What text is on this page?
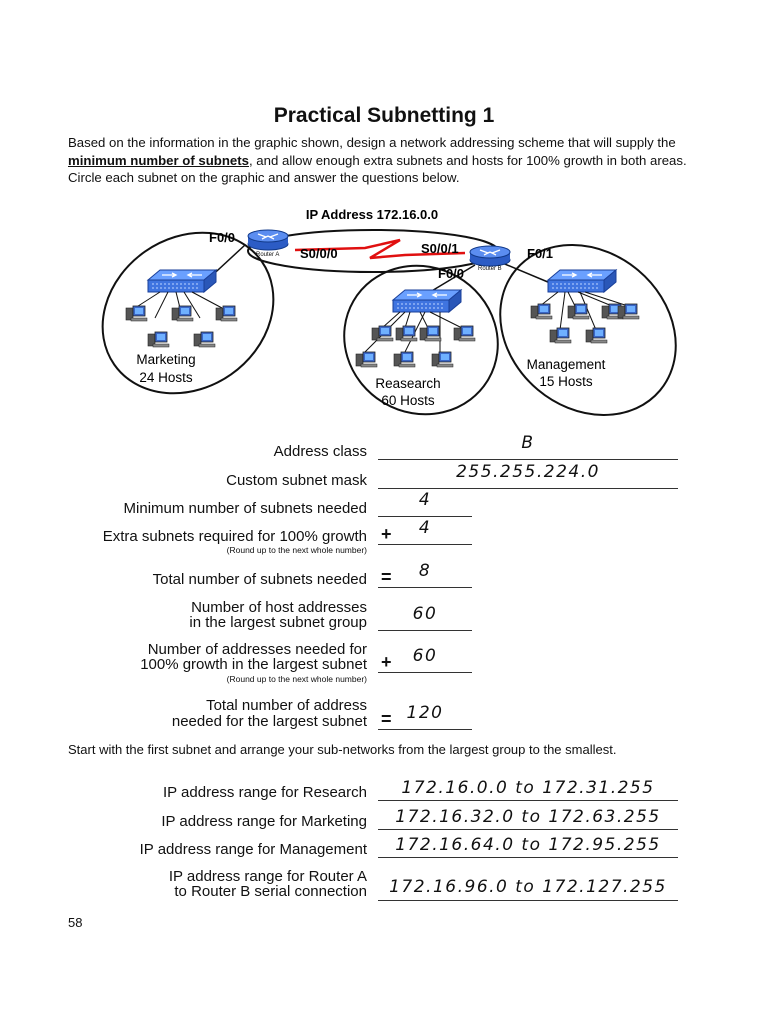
Practical Subnetting 1
Based on the information in the graphic shown, design a network addressing scheme that will supply the minimum number of subnets, and allow enough extra subnets and hosts for 100% growth in both areas. Circle each subnet on the graphic and answer the questions below.
Router A
Router B
IP Address 172.16.0.0
F0/0
S0/0/0	S0/0/1	F0/1
F0/0
Marketing
24 Hosts	Reasearch
60 Hosts
Management
15 Hosts
Address class	B
Custom subnet mask	255.255.224.0
Minimum number of subnets needed	4
Extra subnets required for 100% growth
(Round up to the next whole number)
+	4
Total number of subnets needed =	8
Number of host addresses
in the largest subnet group	60
Number of addresses needed for
100% growth in the largest subnet
(Round up to the next whole number)
+	60
Total number of address
needed for the largest subnet = 120
Start with the first subnet and arrange your sub-networks from the largest group to the smallest.
IP address range for Research	172.16.0.0 to 172.31.255
IP address range for Marketing	172.16.32.0 to 172.63.255
IP address range for Management	172.16.64.0 to 172.95.255
IP address range for Router A
to Router B serial connection	172.16.96.0 to 172.127.255
58
